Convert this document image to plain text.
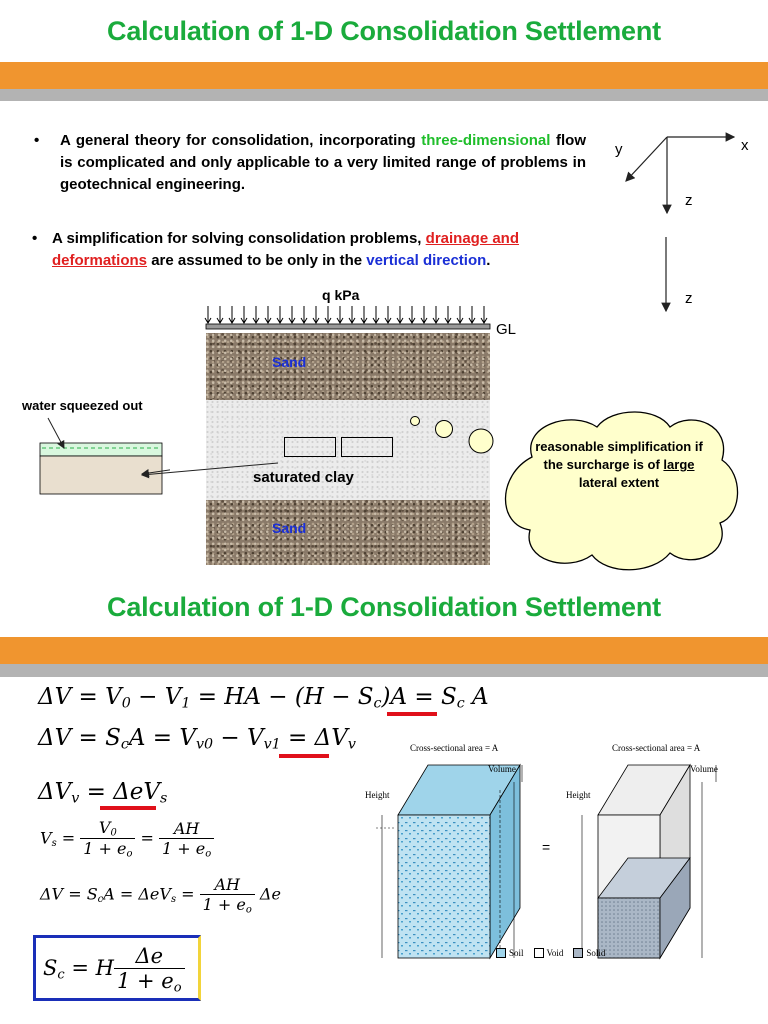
Calculation of 1-D Consolidation Settlement
•	A general theory for consolidation, incorporating three-dimensional flow is complicated and only applicable to a very limited range of problems in geotechnical engineering.
• A simplification for solving consolidation problems, drainage and deformations are assumed to be only in the vertical direction.
x
y
z
z
q kPa
GL
Sand
Sand
saturated clay
water squeezed out
reasonable simplification if the surcharge is of large lateral extent
Calculation of 1-D Consolidation Settlement
ΔV = V0 − V1 = HA − (H − Sc)A = Sc A
ΔV = ScA = Vv0 − Vv1 = ΔVv
ΔVv = ΔeVs
$Vs = \frac{V0}{1 + eo} = \frac{AH}{1 + eo}$
ΔV = ScA = $\Delta eVs = \frac{AH}{1 + eo}$ Δe
Sc = H $\frac{\Delta e}{1 + eo}$
=
Cross-sectional area = A	Cross-sectional area = A
Volume	Volume
Height	Height
Soil	Void	Solid
